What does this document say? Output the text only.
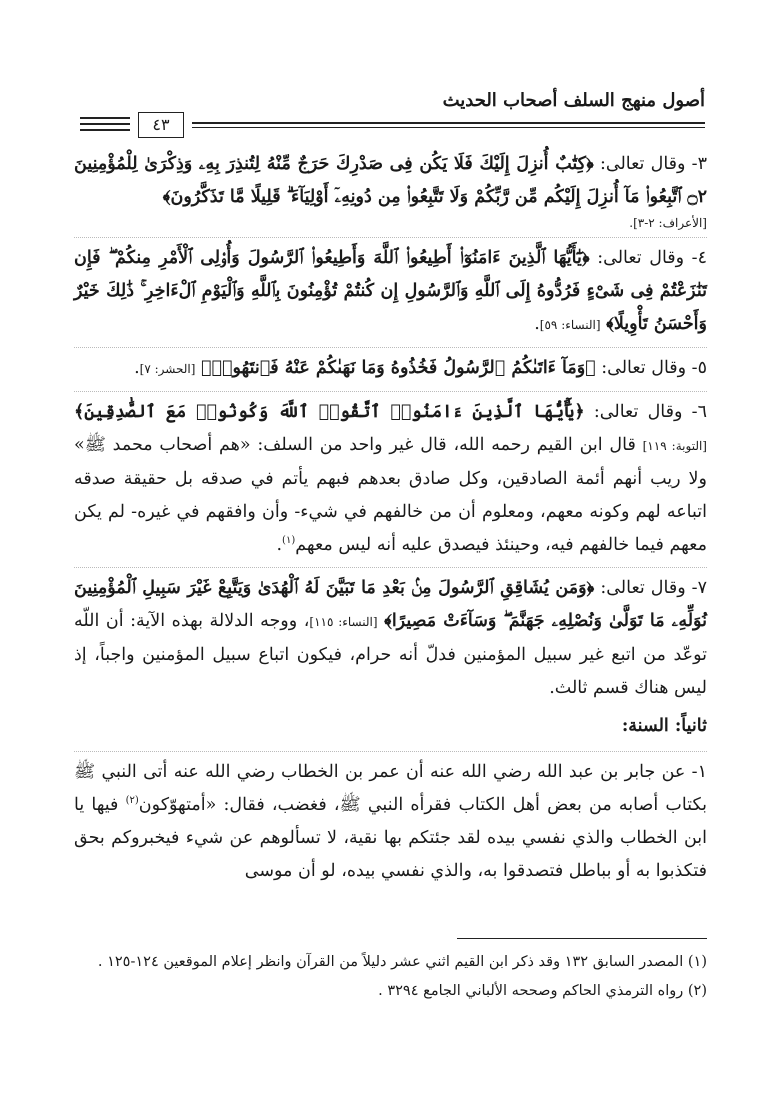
أصول منهج السلف أصحاب الحديث
٤٣

٣- وقال تعالى: ﴿كِتَٰبٌ أُنزِلَ إِلَيْكَ فَلَا يَكُن فِى صَدْرِكَ حَرَجٌ مِّنْهُ لِتُنذِرَ بِهِۦ وَذِكْرَىٰ لِلْمُؤْمِنِينَ ۝٢ ٱتَّبِعُوا۟ مَآ أُنزِلَ إِلَيْكُم مِّن رَّبِّكُمْ وَلَا تَتَّبِعُوا۟ مِن دُونِهِۦٓ أَوْلِيَآءَ ۗ قَلِيلًا مَّا تَذَكَّرُونَ﴾

[الأعراف: ٢-٣].

٤- وقال تعالى: ﴿يَٰٓأَيُّهَا ٱلَّذِينَ ءَامَنُوٓا۟ أَطِيعُوا۟ ٱللَّهَ وَأَطِيعُوا۟ ٱلرَّسُولَ وَأُو۟لِى ٱلْأَمْرِ مِنكُمْ ۖ فَإِن تَنَٰزَعْتُمْ فِى شَىْءٍ فَرُدُّوهُ إِلَى ٱللَّهِ وَٱلرَّسُولِ إِن كُنتُمْ تُؤْمِنُونَ بِٱللَّهِ وَٱلْيَوْمِ ٱلْءَاخِرِ ۚ ذَٰلِكَ خَيْرٌ وَأَحْسَنُ تَأْوِيلًا﴾ [النساء: ٥٩].

٥- وقال تعالى: ﴿وَمَآ ءَاتَىٰكُمُ ٱلرَّسُولُ فَخُذُوهُ وَمَا نَهَىٰكُمْ عَنْهُ فَٱنتَهُوا۟﴾ [الحشر: ٧].

٦- وقال تعالى: ﴿يَٰٓأَيُّهَا ٱلَّذِينَ ءَامَنُوا۟ ٱتَّقُوا۟ ٱللَّهَ وَكُونُوا۟ مَعَ ٱلصَّٰدِقِينَ﴾ [التوبة: ١١٩] قال ابن القيم رحمه الله، قال غير واحد من السلف: «هم أصحاب محمد ﷺ» ولا ريب أنهم أئمة الصادقين، وكل صادق بعدهم فبهم يأتم في صدقه بل حقيقة صدقه اتباعه لهم وكونه معهم، ومعلوم أن من خالفهم في شيء- وأن وافقهم في غيره- لم يكن معهم فيما خالفهم فيه، وحينئذ فيصدق عليه أنه ليس معهم$^{(١)}$.

٧- وقال تعالى: ﴿وَمَن يُشَاقِقِ ٱلرَّسُولَ مِنۢ بَعْدِ مَا تَبَيَّنَ لَهُ ٱلْهُدَىٰ وَيَتَّبِعْ غَيْرَ سَبِيلِ ٱلْمُؤْمِنِينَ نُوَلِّهِۦ مَا تَوَلَّىٰ وَنُصْلِهِۦ جَهَنَّمَ ۖ وَسَآءَتْ مَصِيرًا﴾ [النساء: ١١٥]، ووجه الدلالة بهذه الآية: أن اللّه توعّد من اتبع غير سبيل المؤمنين فدلّ أنه حرام، فيكون اتباع سبيل المؤمنين واجباً، إذ ليس هناك قسم ثالث.

ثانياً: السنة:

١- عن جابر بن عبد الله رضي الله عنه أن عمر بن الخطاب رضي الله عنه أتى النبي ﷺ بكتاب أصابه من بعض أهل الكتاب فقرأه النبي ﷺ، فغضب، فقال: «أمتهوّكون$^{(٢)}$ فيها يا ابن الخطاب والذي نفسي بيده لقد جئتكم بها نقية، لا تسألوهم عن شيء فيخبروكم بحق فتكذبوا به أو بباطل فتصدقوا به، والذي نفسي بيده، لو أن موسى

(١) المصدر السابق ١٣٢ وقد ذكر ابن القيم اثني عشر دليلاً من القرآن وانظر إعلام الموقعين ١٢٤-١٢٥ .

(٢) رواه الترمذي الحاكم وصححه الألباني الجامع ٣٢٩٤ .
